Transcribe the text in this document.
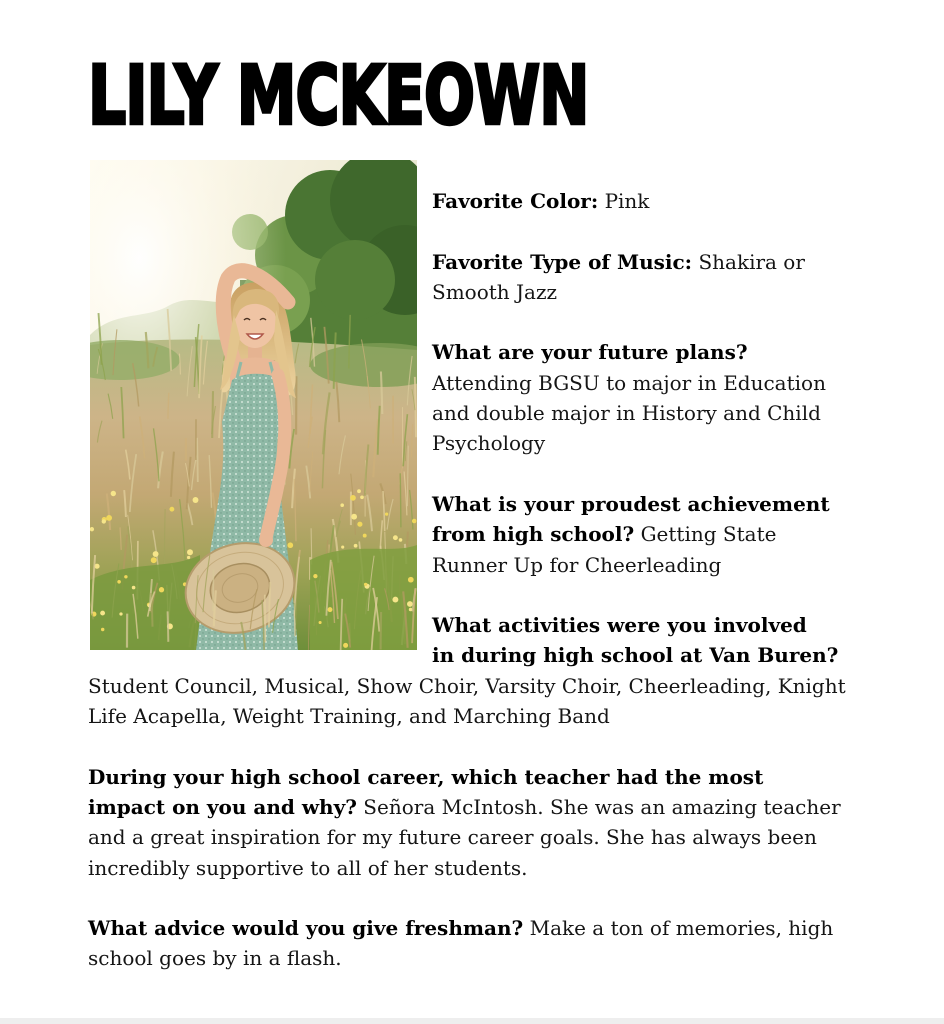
LILY MCKEOWN
Favorite Color: Pink
Favorite Type of Music: Shakira or
Smooth Jazz
What are your future plans?
Attending BGSU to major in Education
and double major in History and Child
Psychology
What is your proudest achievement
from high school? Getting State
Runner Up for Cheerleading
What activities were you involved
in during high school at Van Buren?
Student Council, Musical, Show Choir, Varsity Choir, Cheerleading, Knight
Life Acapella, Weight Training, and Marching Band
During your high school career, which teacher had the most
impact on you and why? Señora McIntosh. She was an amazing teacher
and a great inspiration for my future career goals. She has always been
incredibly supportive to all of her students.
What advice would you give freshman? Make a ton of memories, high
school goes by in a flash.
